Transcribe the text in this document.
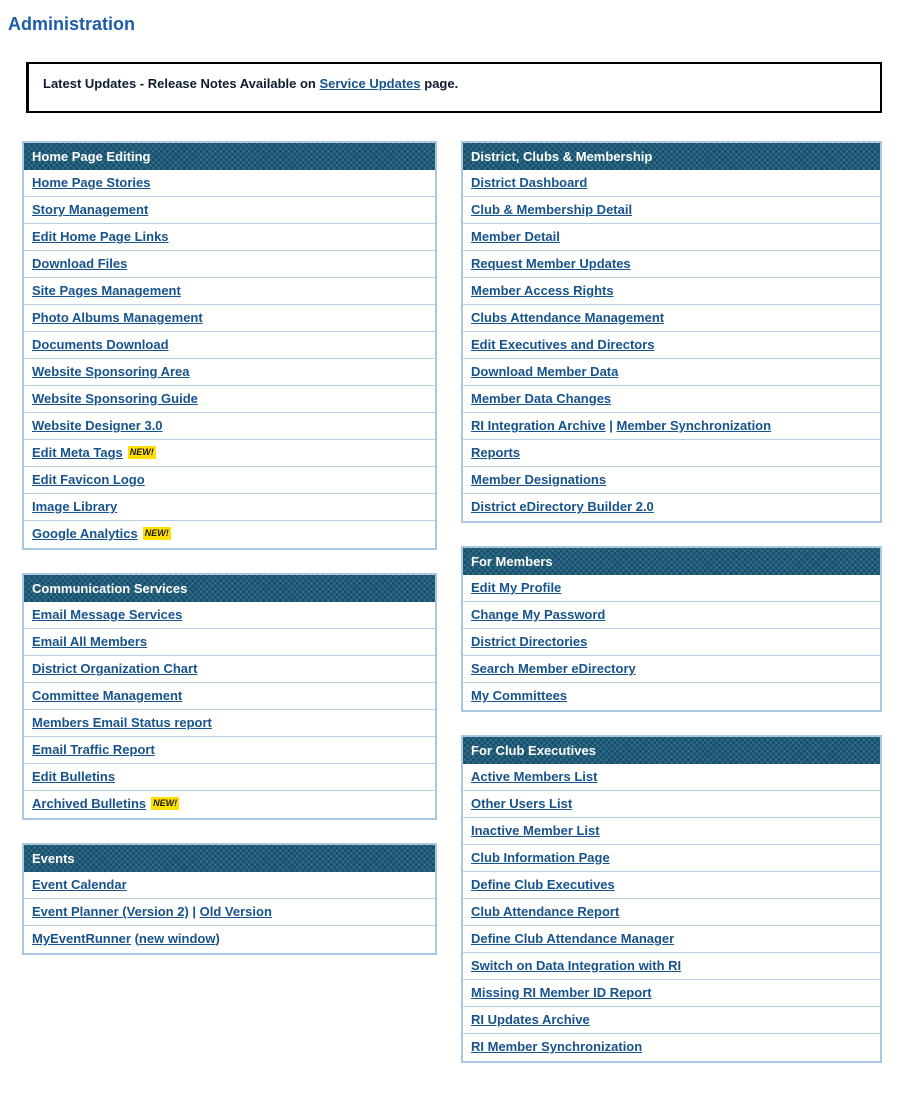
Administration
Latest Updates - Release Notes Available on Service Updates page.
Home Page Editing
Home Page Stories
Story Management
Edit Home Page Links
Download Files
Site Pages Management
Photo Albums Management
Documents Download
Website Sponsoring Area
Website Sponsoring Guide
Website Designer 3.0
Edit Meta Tags NEW!
Edit Favicon Logo
Image Library
Google Analytics NEW!
Communication Services
Email Message Services
Email All Members
District Organization Chart
Committee Management
Members Email Status report
Email Traffic Report
Edit Bulletins
Archived Bulletins NEW!
Events
Event Calendar
Event Planner (Version 2) | Old Version
MyEventRunner (new window)
District, Clubs & Membership
District Dashboard
Club & Membership Detail
Member Detail
Request Member Updates
Member Access Rights
Clubs Attendance Management
Edit Executives and Directors
Download Member Data
Member Data Changes
RI Integration Archive | Member Synchronization
Reports
Member Designations
District eDirectory Builder 2.0
For Members
Edit My Profile
Change My Password
District Directories
Search Member eDirectory
My Committees
For Club Executives
Active Members List
Other Users List
Inactive Member List
Club Information Page
Define Club Executives
Club Attendance Report
Define Club Attendance Manager
Switch on Data Integration with RI
Missing RI Member ID Report
RI Updates Archive
RI Member Synchronization
